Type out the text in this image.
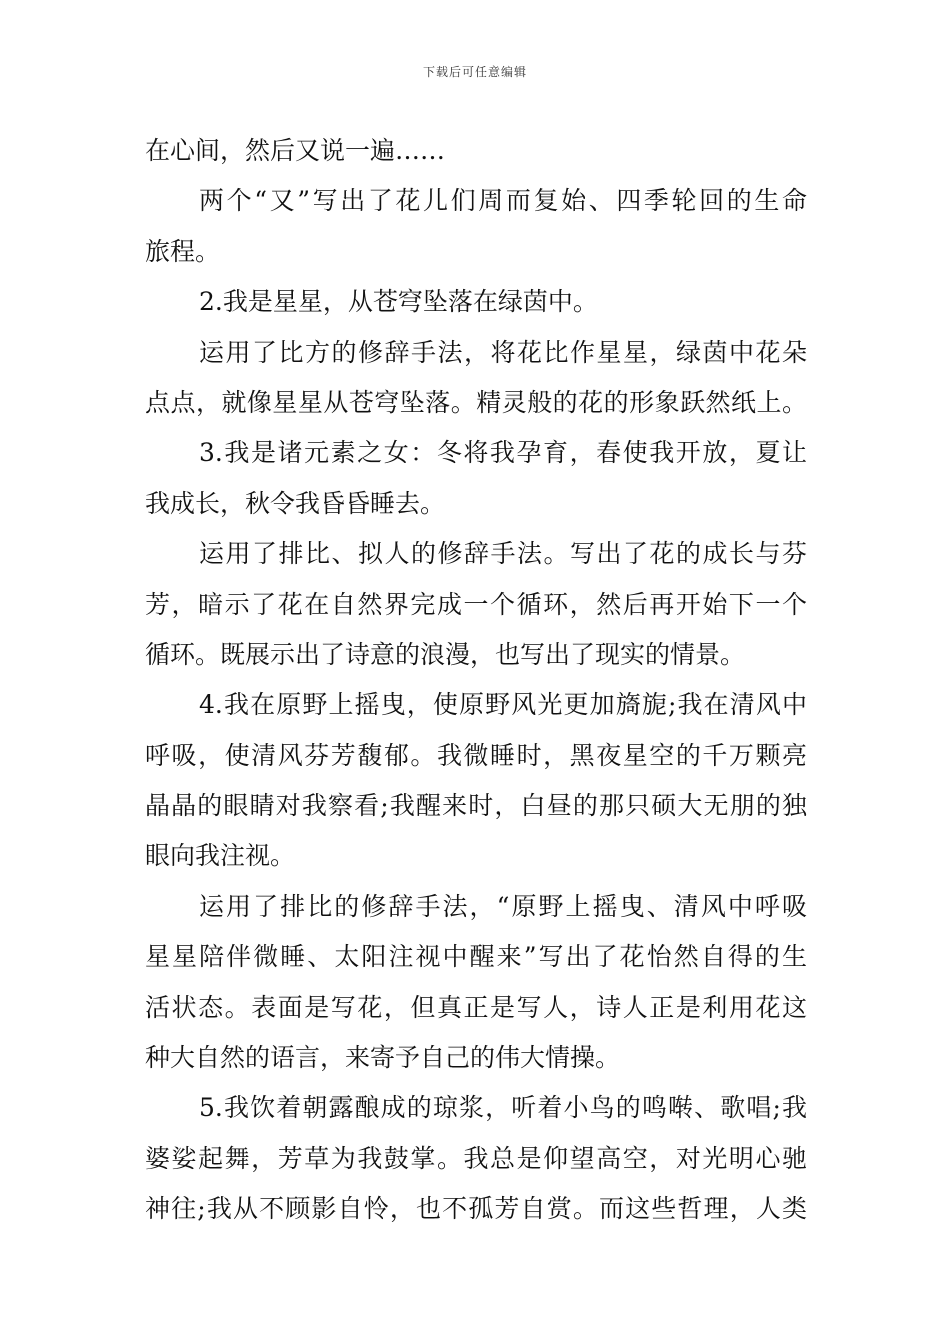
下载后可任意编辑
在心间，然后又说一遍……
两个“又”写出了花儿们周而复始、四季轮回的生命
旅程。
2.我是星星，从苍穹坠落在绿茵中。
运用了比方的修辞手法，将花比作星星，绿茵中花朵
点点，就像星星从苍穹坠落。精灵般的花的形象跃然纸上。
3.我是诸元素之女：冬将我孕育，春使我开放，夏让
我成长，秋令我昏昏睡去。
运用了排比、拟人的修辞手法。写出了花的成长与芬
芳，暗示了花在自然界完成一个循环，然后再开始下一个
循环。既展示出了诗意的浪漫，也写出了现实的情景。
4.我在原野上摇曳，使原野风光更加旖旎;我在清风中
呼吸，使清风芬芳馥郁。我微睡时，黑夜星空的千万颗亮
晶晶的眼睛对我察看;我醒来时，白昼的那只硕大无朋的独
眼向我注视。
运用了排比的修辞手法，“原野上摇曳、清风中呼吸
星星陪伴微睡、太阳注视中醒来”写出了花怡然自得的生
活状态。表面是写花，但真正是写人，诗人正是利用花这
种大自然的语言，来寄予自己的伟大情操。
5.我饮着朝露酿成的琼浆，听着小鸟的鸣啭、歌唱;我
婆娑起舞，芳草为我鼓掌。我总是仰望高空，对光明心驰
神往;我从不顾影自怜，也不孤芳自赏。而这些哲理，人类
